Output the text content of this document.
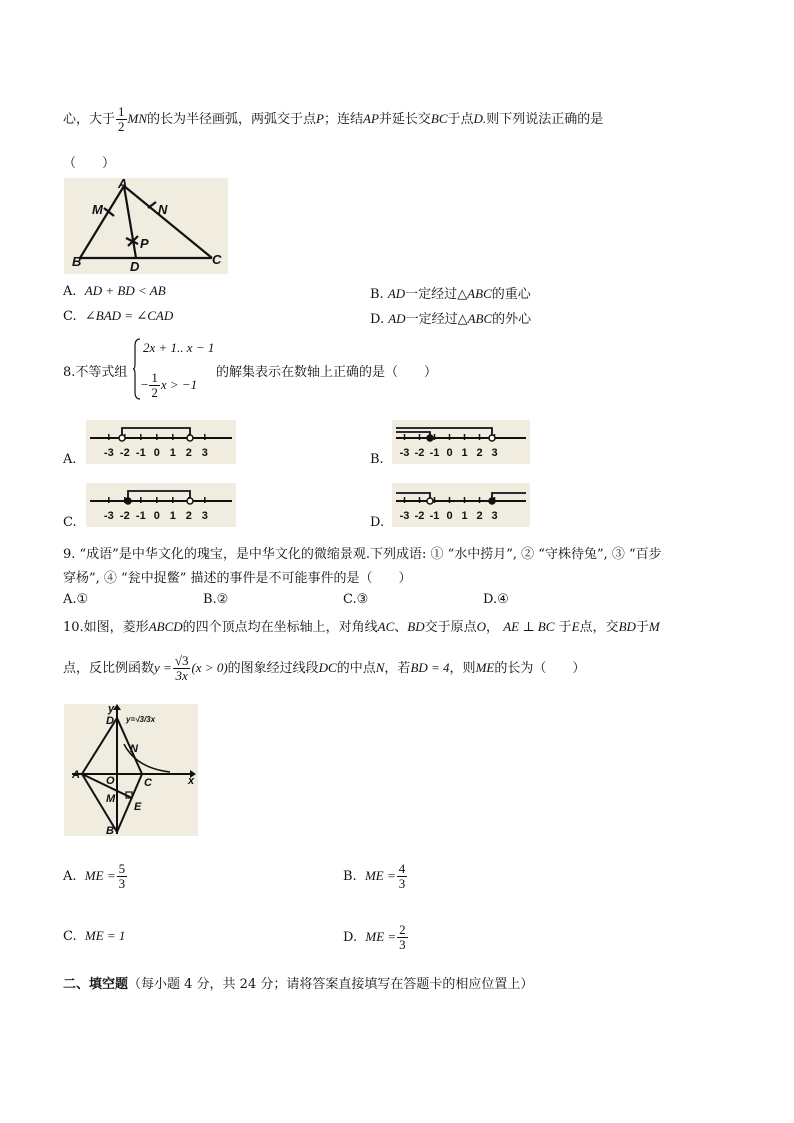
心，大于 $\frac{1}{2}$ MN的长为半径画弧，两弧交于点P；连结AP并延长交BC于点D.则下列说法正确的是
（　　）
A
M	N
P
B	D	C
A. AD + BD < AB	B. AD一定经过△ABC的重心
C. ∠BAD = ∠CAD	D. AD一定经过△ABC的外心
8.不等式组
2x + 1.. x − 1
− $\frac{1}{2}$ x > −1
的解集表示在数轴上正确的是（　　）
A.	B.
C.	D.
-3 -2 -1 0 1 2 3	-3 -2 -1 0 1 2 3
-3 -2 -1 0 1 2 3	-3 -2 -1 0 1 2 3
9. “成语”是中华文化的瑰宝，是中华文化的微缩景观.下列成语: ① “水中捞月”, ② “守株待兔”, ③ “百步
穿杨”, ④ “瓮中捉鳖” 描述的事件是不可能事件的是（　　）
A.①	B.②	C.③	D.④
10.如图，菱形ABCD的四个顶点均在坐标轴上，对角线AC、BD交于原点O， AE ⊥ BC 于E点，交BD于M
点，反比例函数$y = \frac{√3}{3x} (x > 0)$的图象经过线段DC的中点N，若BD = 4，则ME的长为（　　）
y
x
D y=√3/3x
N
A O	C
M
E
B
A. ME = $\frac{5}{3}$	B. ME = $\frac{4}{3}$
C. ME = 1	D. ME = $\frac{2}{3}$
二、填空题（每小题 4 分，共 24 分；请将答案直接填写在答题卡的相应位置上）
